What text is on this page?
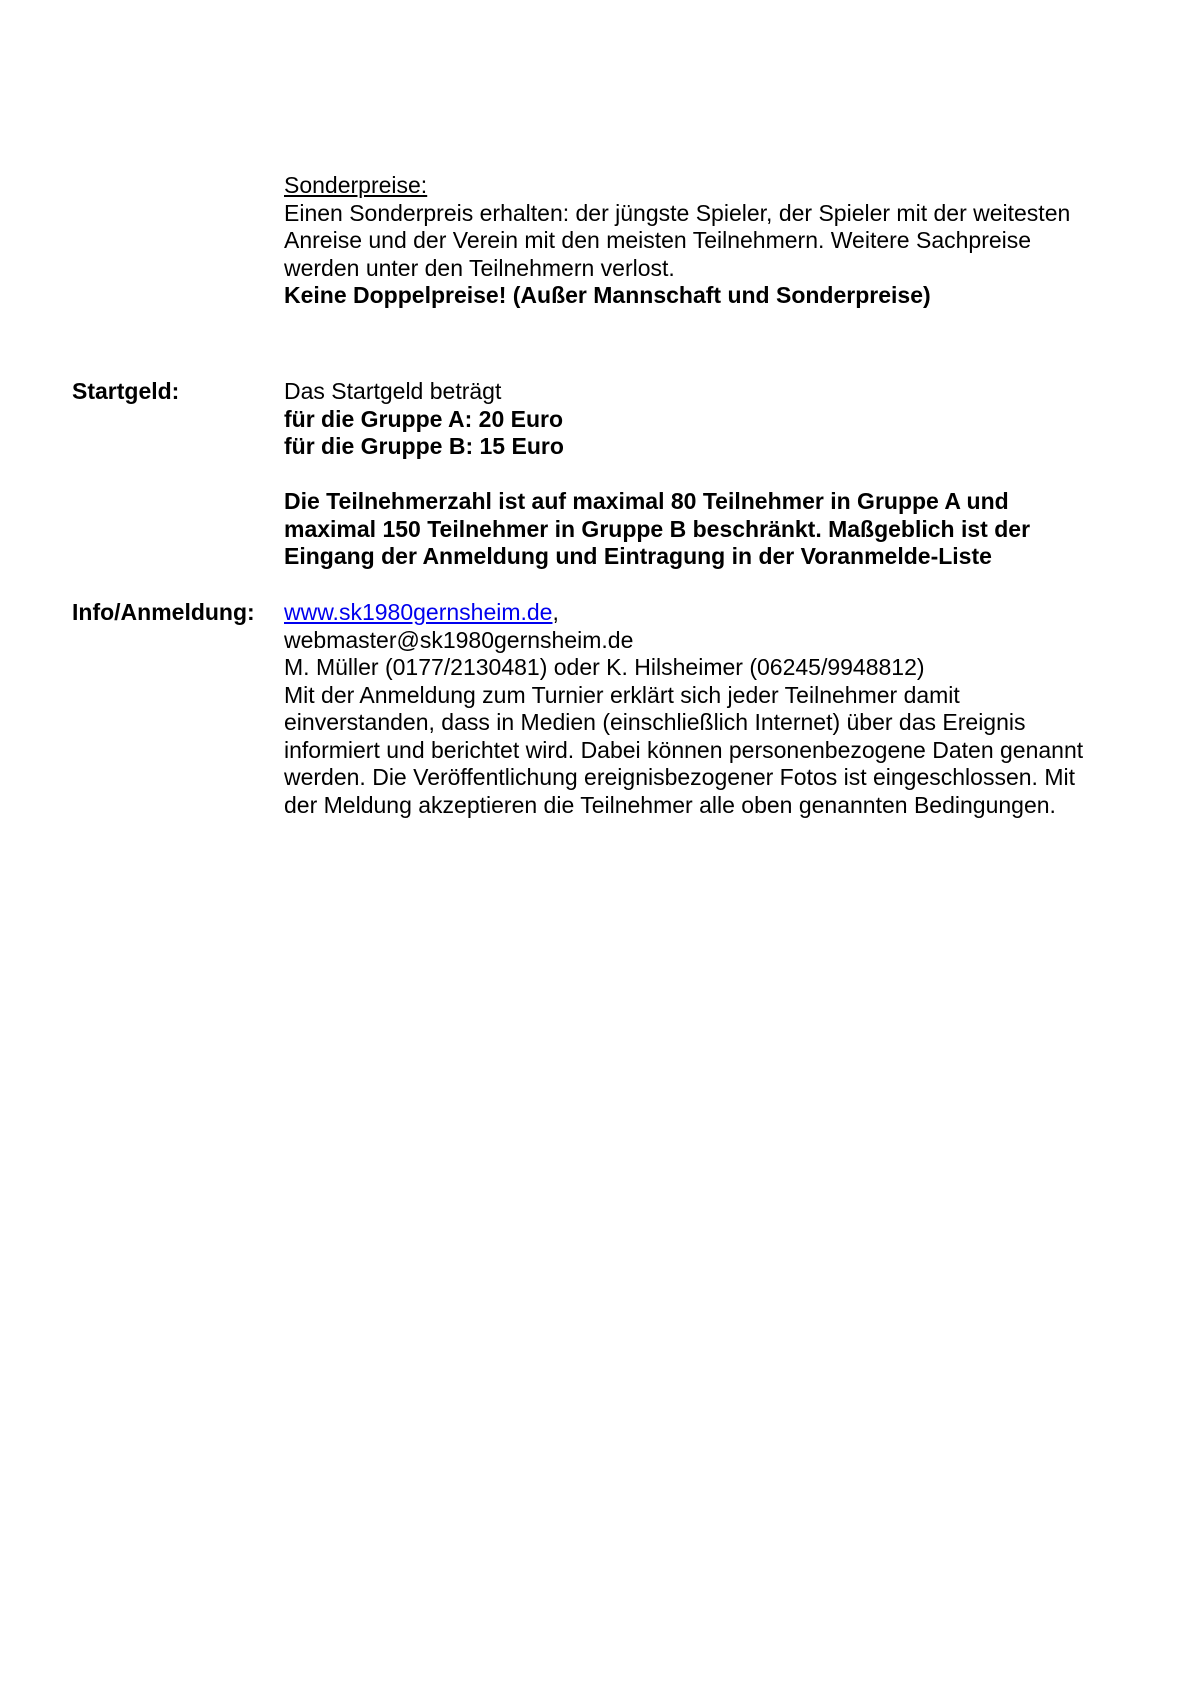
Sonderpreise:
Einen Sonderpreis erhalten: der jüngste Spieler, der Spieler mit der weitesten
Anreise und der Verein mit den meisten Teilnehmern. Weitere Sachpreise
werden unter den Teilnehmern verlost.
Keine Doppelpreise! (Außer Mannschaft und Sonderpreise)
Startgeld:	Das Startgeld beträgt
für die Gruppe A: 20 Euro
für die Gruppe B: 15 Euro
Die Teilnehmerzahl ist auf maximal 80 Teilnehmer in Gruppe A und
maximal 150 Teilnehmer in Gruppe B beschränkt. Maßgeblich ist der
Eingang der Anmeldung und Eintragung in der Voranmelde-Liste
Info/Anmeldung: www.sk1980gernsheim.de,
webmaster@sk1980gernsheim.de
M. Müller (0177/2130481) oder K. Hilsheimer (06245/9948812)
Mit der Anmeldung zum Turnier erklärt sich jeder Teilnehmer damit
einverstanden, dass in Medien (einschließlich Internet) über das Ereignis
informiert und berichtet wird. Dabei können personenbezogene Daten genannt
werden. Die Veröffentlichung ereignisbezogener Fotos ist eingeschlossen. Mit
der Meldung akzeptieren die Teilnehmer alle oben genannten Bedingungen.
